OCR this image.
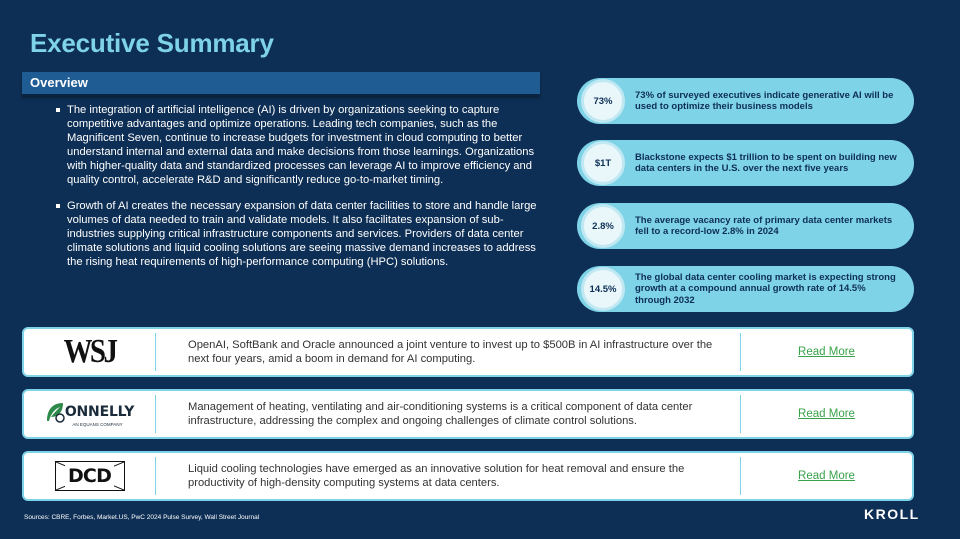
Executive Summary
Overview
The integration of artificial intelligence (AI) is driven by organizations seeking to capture competitive advantages and optimize operations. Leading tech companies, such as the Magnificent Seven, continue to increase budgets for investment in cloud computing to better understand internal and external data and make decisions from those learnings. Organizations with higher-quality data and standardized processes can leverage AI to improve efficiency and quality control, accelerate R&D and significantly reduce go-to-market timing.
Growth of AI creates the necessary expansion of data center facilities to store and handle large volumes of data needed to train and validate models. It also facilitates expansion of sub-industries supplying critical infrastructure components and services. Providers of data center climate solutions and liquid cooling solutions are seeing massive demand increases to address the rising heat requirements of high-performance computing (HPC) solutions.
73%
73% of surveyed executives indicate generative AI will be used to optimize their business models
$1T
Blackstone expects $1 trillion to be spent on building new data centers in the U.S. over the next five years
2.8%
The average vacancy rate of primary data center markets fell to a record-low 2.8% in 2024
14.5%
The global data center cooling market is expecting strong growth at a compound annual growth rate of 14.5% through 2032
WSJ	OpenAI, SoftBank and Oracle announced a joint venture to invest up to $500B in AI infrastructure over the next four years, amid a boom in demand for AI computing.
Read More
ONNELLY
AN EQUANS COMPANY
Management of heating, ventilating and air-conditioning systems is a critical component of data center infrastructure, addressing the complex and ongoing challenges of climate control solutions.
Read More
DCD	Liquid cooling technologies have emerged as an innovative solution for heat removal and ensure the productivity of high-density computing systems at data centers.
Read More
Sources: CBRE, Forbes, Market.US, PwC 2024 Pulse Survey, Wall Street Journal	KROLL
